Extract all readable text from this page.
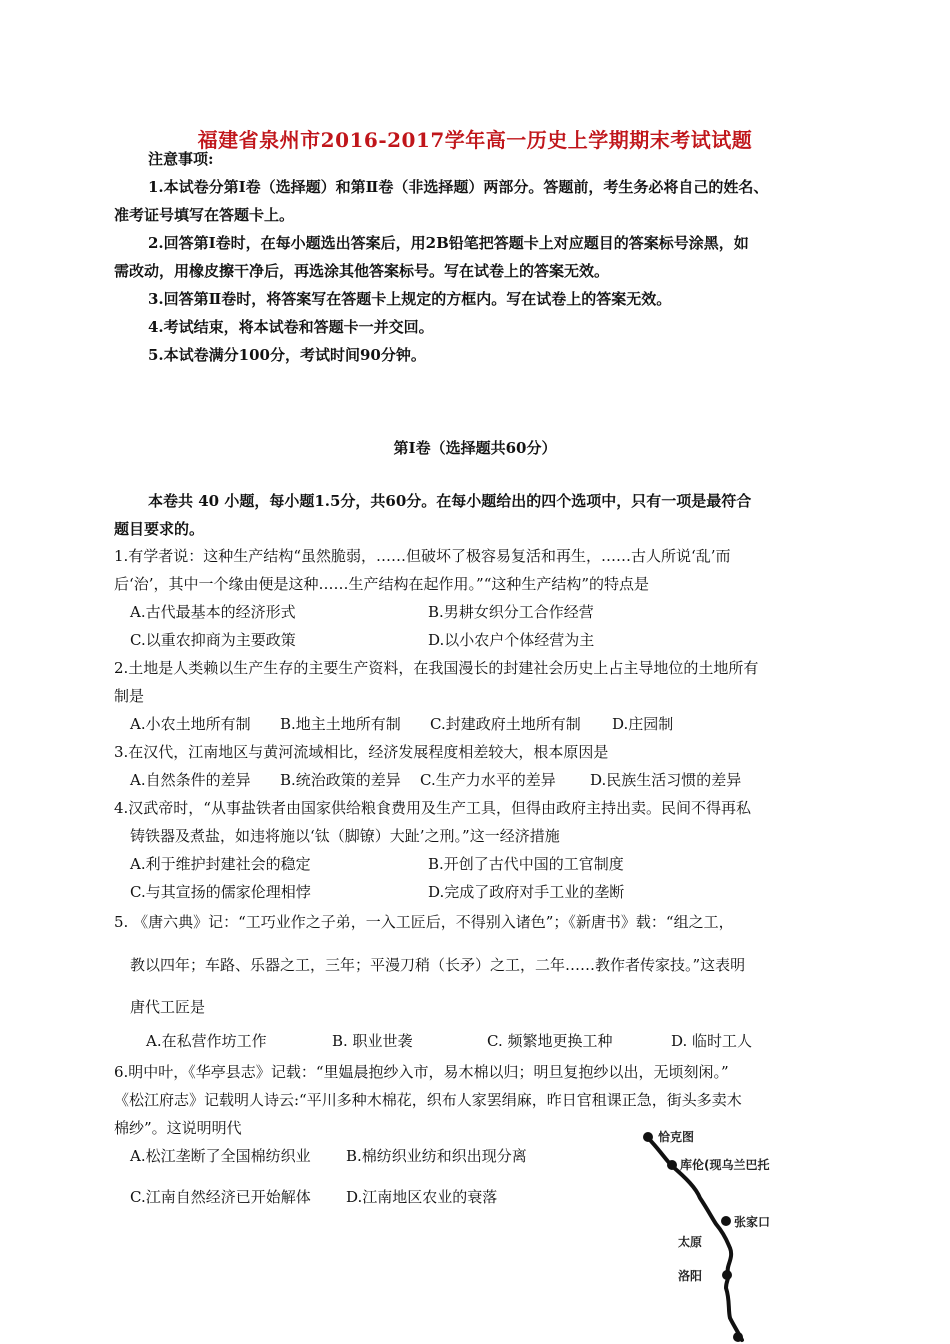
福建省泉州市2016-2017学年高一历史上学期期末考试试题
注意事项:
1.本试卷分第Ⅰ卷（选择题）和第Ⅱ卷（非选择题）两部分。答题前，考生务必将自己的姓名、
准考证号填写在答题卡上。
2.回答第Ⅰ卷时，在每小题选出答案后，用2B铅笔把答题卡上对应题目的答案标号涂黑，如
需改动，用橡皮擦干净后，再选涂其他答案标号。写在试卷上的答案无效。
3.回答第Ⅱ卷时，将答案写在答题卡上规定的方框内。写在试卷上的答案无效。
4.考试结束，将本试卷和答题卡一并交回。
5.本试卷满分100分，考试时间90分钟。
第Ⅰ卷（选择题共60分）
本卷共 40 小题，每小题1.5分，共60分。在每小题给出的四个选项中，只有一项是最符合
题目要求的。
1.有学者说：这种生产结构“虽然脆弱，……但破坏了极容易复活和再生，……古人所说‘乱’而
后‘治’，其中一个缘由便是这种……生产结构在起作用。”“这种生产结构”的特点是
A.古代最基本的经济形式	B.男耕女织分工合作经营
C.以重农抑商为主要政策	D.以小农户个体经营为主
2.土地是人类赖以生产生存的主要生产资料，在我国漫长的封建社会历史上占主导地位的土地所有
制是
A.小农土地所有制 B.地主土地所有制 C.封建政府土地所有制 D.庄园制
3.在汉代，江南地区与黄河流域相比，经济发展程度相差较大，根本原因是
A.自然条件的差异 B.统治政策的差异 C.生产力水平的差异 D.民族生活习惯的差异
4.汉武帝时，“从事盐铁者由国家供给粮食费用及生产工具，但得由政府主持出卖。民间不得再私
铸铁器及煮盐，如违将施以‘钛（脚镣）大趾’之刑。”这一经济措施
A.利于维护封建社会的稳定	B.开创了古代中国的工官制度
C.与其宣扬的儒家伦理相悖	D.完成了政府对手工业的垄断
5. 《唐六典》记：“工巧业作之子弟，一入工匠后，不得别入诸色”；《新唐书》载：“组之工，
教以四年；车路、乐器之工，三年；平漫刀稍（长矛）之工，二年……教作者传家技。”这表明
唐代工匠是
A.在私营作坊工作	B. 职业世袭	C. 频繁地更换工种	D. 临时工人
6.明中叶，《华亭县志》记载：“里媪晨抱纱入市，易木棉以归；明旦复抱纱以出，无顷刻闲。”
《松江府志》记载明人诗云:“平川多种木棉花，织布人家罢绢麻，昨日官租课正急，街头多卖木
棉纱”。这说明明代
A.松江垄断了全国棉纺织业 B.棉纺织业纺和织出现分离
C.江南自然经济已开始解体 D.江南地区农业的衰落
恰克图
库伦(现乌兰巴托
张家口
太原
洛阳
